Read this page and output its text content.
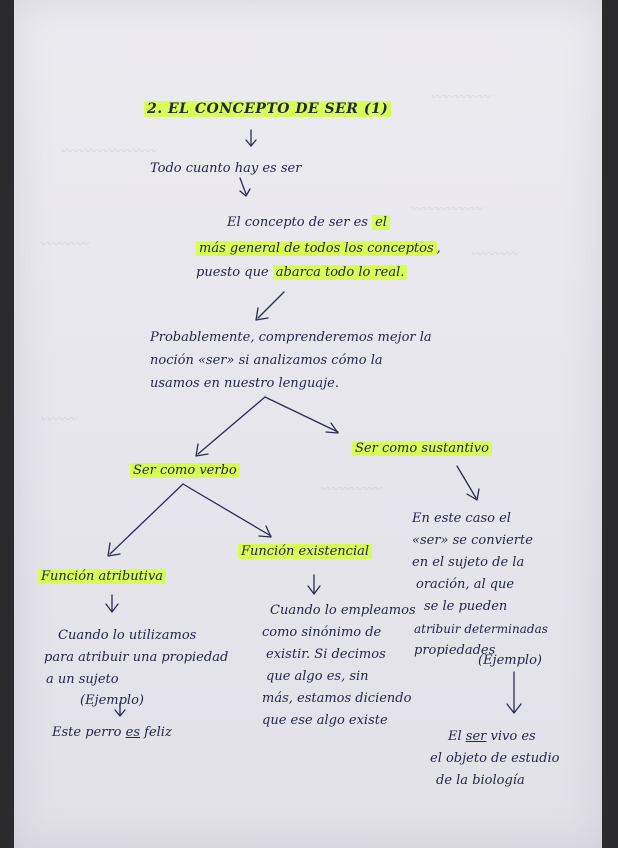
〰〰〰〰〰
〰〰〰〰〰〰〰〰
〰〰〰〰〰〰
〰〰〰〰
〰〰〰〰
〰〰〰〰〰
〰〰〰
2. EL CONCEPTO DE SER (1)
Todo cuanto hay es ser
El concepto de ser es el
más general de todos los conceptos ,
puesto que abarca todo lo real.
Probablemente, comprenderemos mejor la
noción «ser» si analizamos cómo la
usamos en nuestro lenguaje.
Ser como sustantivo
Ser como verbo
En este caso el
«ser» se convierte
en el sujeto de la
oración, al que
se le pueden
atribuir determinadas
propiedades
(Ejemplo)
El ser vivo es
el objeto de estudio
de la biología
Función existencial
Cuando lo empleamos
como sinónimo de
existir. Si decimos
que algo es, sin
más, estamos diciendo
que ese algo existe
Función atributiva
Cuando lo utilizamos
para atribuir una propiedad
a un sujeto
(Ejemplo)
Este perro es feliz
